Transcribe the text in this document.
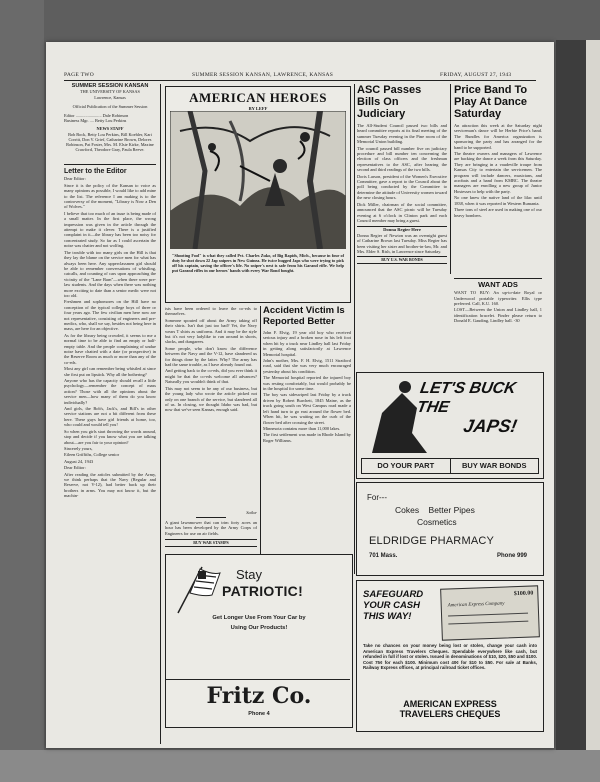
PAGE TWO	SUMMER SESSION KANSAN, LAWRENCE, KANSAS	FRIDAY, AUGUST 27, 1943
SUMMER SESSION KANSAN
THE UNIVERSITY OF KANSAS
Lawrence, Kansas
Official Publication of the Summer Session
Editor ........................ Dale Robinson
Business Mgr. .... Betty Lou Perkins
NEWS STAFF
Bob Bock, Betty Lou Perkins, Bill Koehler, Kari Corritt, Don V. Grief, Catharine Brown, Delores Robinson, Pat Foster, Mrs. M. Elsie Kirke, Maxine Crawford, Theodore Gray, Paula Reeve.
Letter to the Editor

Dear Editor:

Since it is the policy of the Kansan to voice as many opinions as possible, I would like to add mine to the list. The reference I am making is to the controversy of the moment, "Library is Now a Den of Wolves."

I believe that too much of an issue is being made of a small matter. In the first place, the wrong impression was given in the article through the attempt to make it clever. There is a justified complaint in it—the library has been too noisy for concentrated study. So far as I could ascertain the noise was chatter and not wolfing.

The trouble with too many girls on the Hill is that they lay the blame on the service men for what has always been here. Any upperclassmen girl should be able to remember conversations of whistling, catcalls, and counting of cars upon approaching the vicinity of the "Lane Barn"—when there were pre-law students. And the days when there was nothing more exciting to date than a senior medic were not too old.

Freshmen and sophomores on the Hill have no conception of the typical college boys of three or four years ago. The few civilian men here now are not representative, consisting of engineers and pre-medics, who, shall we say, besides not being here in mass, are here for an objective.

As for the library being crowded, it seems to me a normal time to be able to find an empty or half-empty table. And the people complaining of undue noise have chatted with a date (or prospective) in the Reserve Room as much or more than any of the co-eds.

Most any girl can remember being whistled at since she first put on lipstick. Why all the bothering?

Anyone who has the capacity should recall a little psychology—remember the concept of mass action? Those with all the opinions about the service men—how many of them do you know individually?

And girls, the Bob's, Jack's, and Bill's in other service stations are not a bit different from these here. These guys have girl friends at home, too, who could and would tell you!

So when you girls start throwing the words around, stop and decide if you know what you are talking about—are you fair to your opinion?

Sincerely yours,

Eileen Griffiths, College senior

August 24, 1943

Dear Editor:

After reading the articles submitted by the Army, we think perhaps that the Navy (Regular and Reserve, not V-12), had better back up their brothers in arms. You may not know it, but the machin-

AMERICAN HEROES
BY LEFF
"Shooting Fool" is what they called Pvt. Charles Zuko, of Big Rapids, Mich., because in four of duty he shot down 22 Jap snipers in New Guinea. He twice hugged Japs who were trying to pick off his captain, saving the officer's life. No sniper's nest is safe from his Garand rifle. We help put Garand rifles in our heroes' hands with every War Bond bought.

ists have been ordered to leave the co-eds to themselves.

Someone spouted off about the Army taking off their shirts. Isn't that just too bad? Yet, the Navy wears T shirts as uniforms. And it may be the style but it's not very ladylike to run around in shorts, slacks, and dungarees.

Some people, who don't know the difference between the Navy and the V-12, have slandered us for things done by the latter. Why? The army has had the same trouble, as I have already found out.

And getting back to the co-eds, did you ever think it might be that the co-eds welcome all advances? Naturally you wouldn't think of that.

This may not seem to be any of our business, but the young lady who wrote the article picked not only on one branch of the service, but slandered all of us. In closing, we thought Idaho was bad, but now that we've seen Kansas, enough said.

Sailor

A giant lawnmower that can trim forty acres an hour has been developed by the Army Corps of Engineers for use on air fields.

BUY WAR STAMPS
Accident Victim Is Reported Better

John F. Elvig, 19 year old boy who received serious injury and a broken nose in his left foot when hit by a truck near Lindley hall last Friday in getting along satisfactorily at Lawrence Memorial hospital.

John's mother, Mrs. F. H. Elvig, 1511 Stratford road, said that she was very much encouraged yesterday about his condition.

The Memorial hospital reported the injured boy was resting comfortably, but would probably be in the hospital for some time.

The boy was sideswiped last Friday by a truck driven by Robert Burchett, 1845 Maine, as the truck going south on West Campus road made a left hand turn to go east around the flower bed. When hit, he was waiting on the curb of the flower bed after crossing the street.

Minnesota contains more than 11,000 lakes.

The first settlement was made in Rhode Island by Roger Williams.

ASC Passes Bills On Judiciary

The All-Student Council passed two bills and heard committee reports at its final meeting of the summer Tuesday evening in the Pine room of the Memorial Union building.

The council passed bill number five on judiciary procedure and bill number ten concerning the election of class officers and the freshman representatives to the ASC, after hearing the second and third readings of the two bills.

Doris Larson, president of the Women's Executive Committee, gave a report to the Council about the poll being conducted by the Committee to determine the attitude of University women toward the new closing hours.

Dick Miller, chairman of the social committee, announced that the ASC picnic will be Tuesday evening at 6 o'clock in Clinton park and each Council member may bring a guest.

Donna Regier Here

Donna Regier of Newton was an overnight guest of Catharine Brown last Tuesday. Miss Regier has been visiting her sister and brother-in-law, Mr. and Mrs. Elder S. Rish, in Lawrence since Saturday.

BUY U.S. WAR BONDS
Price Band To Play At Dance Saturday

An attraction this week at the Saturday night serviceman's dance will be Herbie Price's band. The Bundles for America organization is sponsoring the party and has arranged for the band to be supported.

The theatre owners and managers of Lawrence are backing the dance a week from this Saturday. They are bringing in a vaudeville troupe from Kansas City to entertain the servicemen. The program will include dancers, musicians, and acrobats and a band from KMBC. The theatre managers are enrolling a new group of Junior Hostesses to help with the party.

No one knew the native land of the lilac until 1838, when it was reported in Western Rumania.

Three tons of steel are used in making one of our heavy bombers.

WANT ADS

WANT TO BUY: An up-to-date Royal or Underwood portable typewriter. Ellis type preferred. Call, K.U. 160.

LOST—Between the Union and Lindley hall, 1 identification bracelet. Finder please return to Donald E. Gauding, Lindley hall. -30

LET'S BUCK THE
JAPS!
DO YOUR PART	BUY WAR BONDS
For---
Cokes    Better Pipes
Cosmetics
ELDRIDGE PHARMACY
701 Mass.	Phone 999
Stay
PATRIOTIC!
Get Longer Use From Your Car by
Using Our Products!
Fritz Co.
Phone 4
SAFEGUARD
YOUR CASH
THIS WAY!
$100.00
American Express Company
Take no chances on your money being lost or stolen, change your cash into American Express Travelers Cheques. Spendable everywhere like cash, but refunded in full if lost or stolen. Issued in denominations of $10, $20, $50 and $100. Cost 75¢ for each $100. Minimum cost 40¢ for $10 to $50. For sale at Banks, Railway Express offices, at principal railroad ticket offices.
AMERICAN EXPRESS
TRAVELERS CHEQUES
